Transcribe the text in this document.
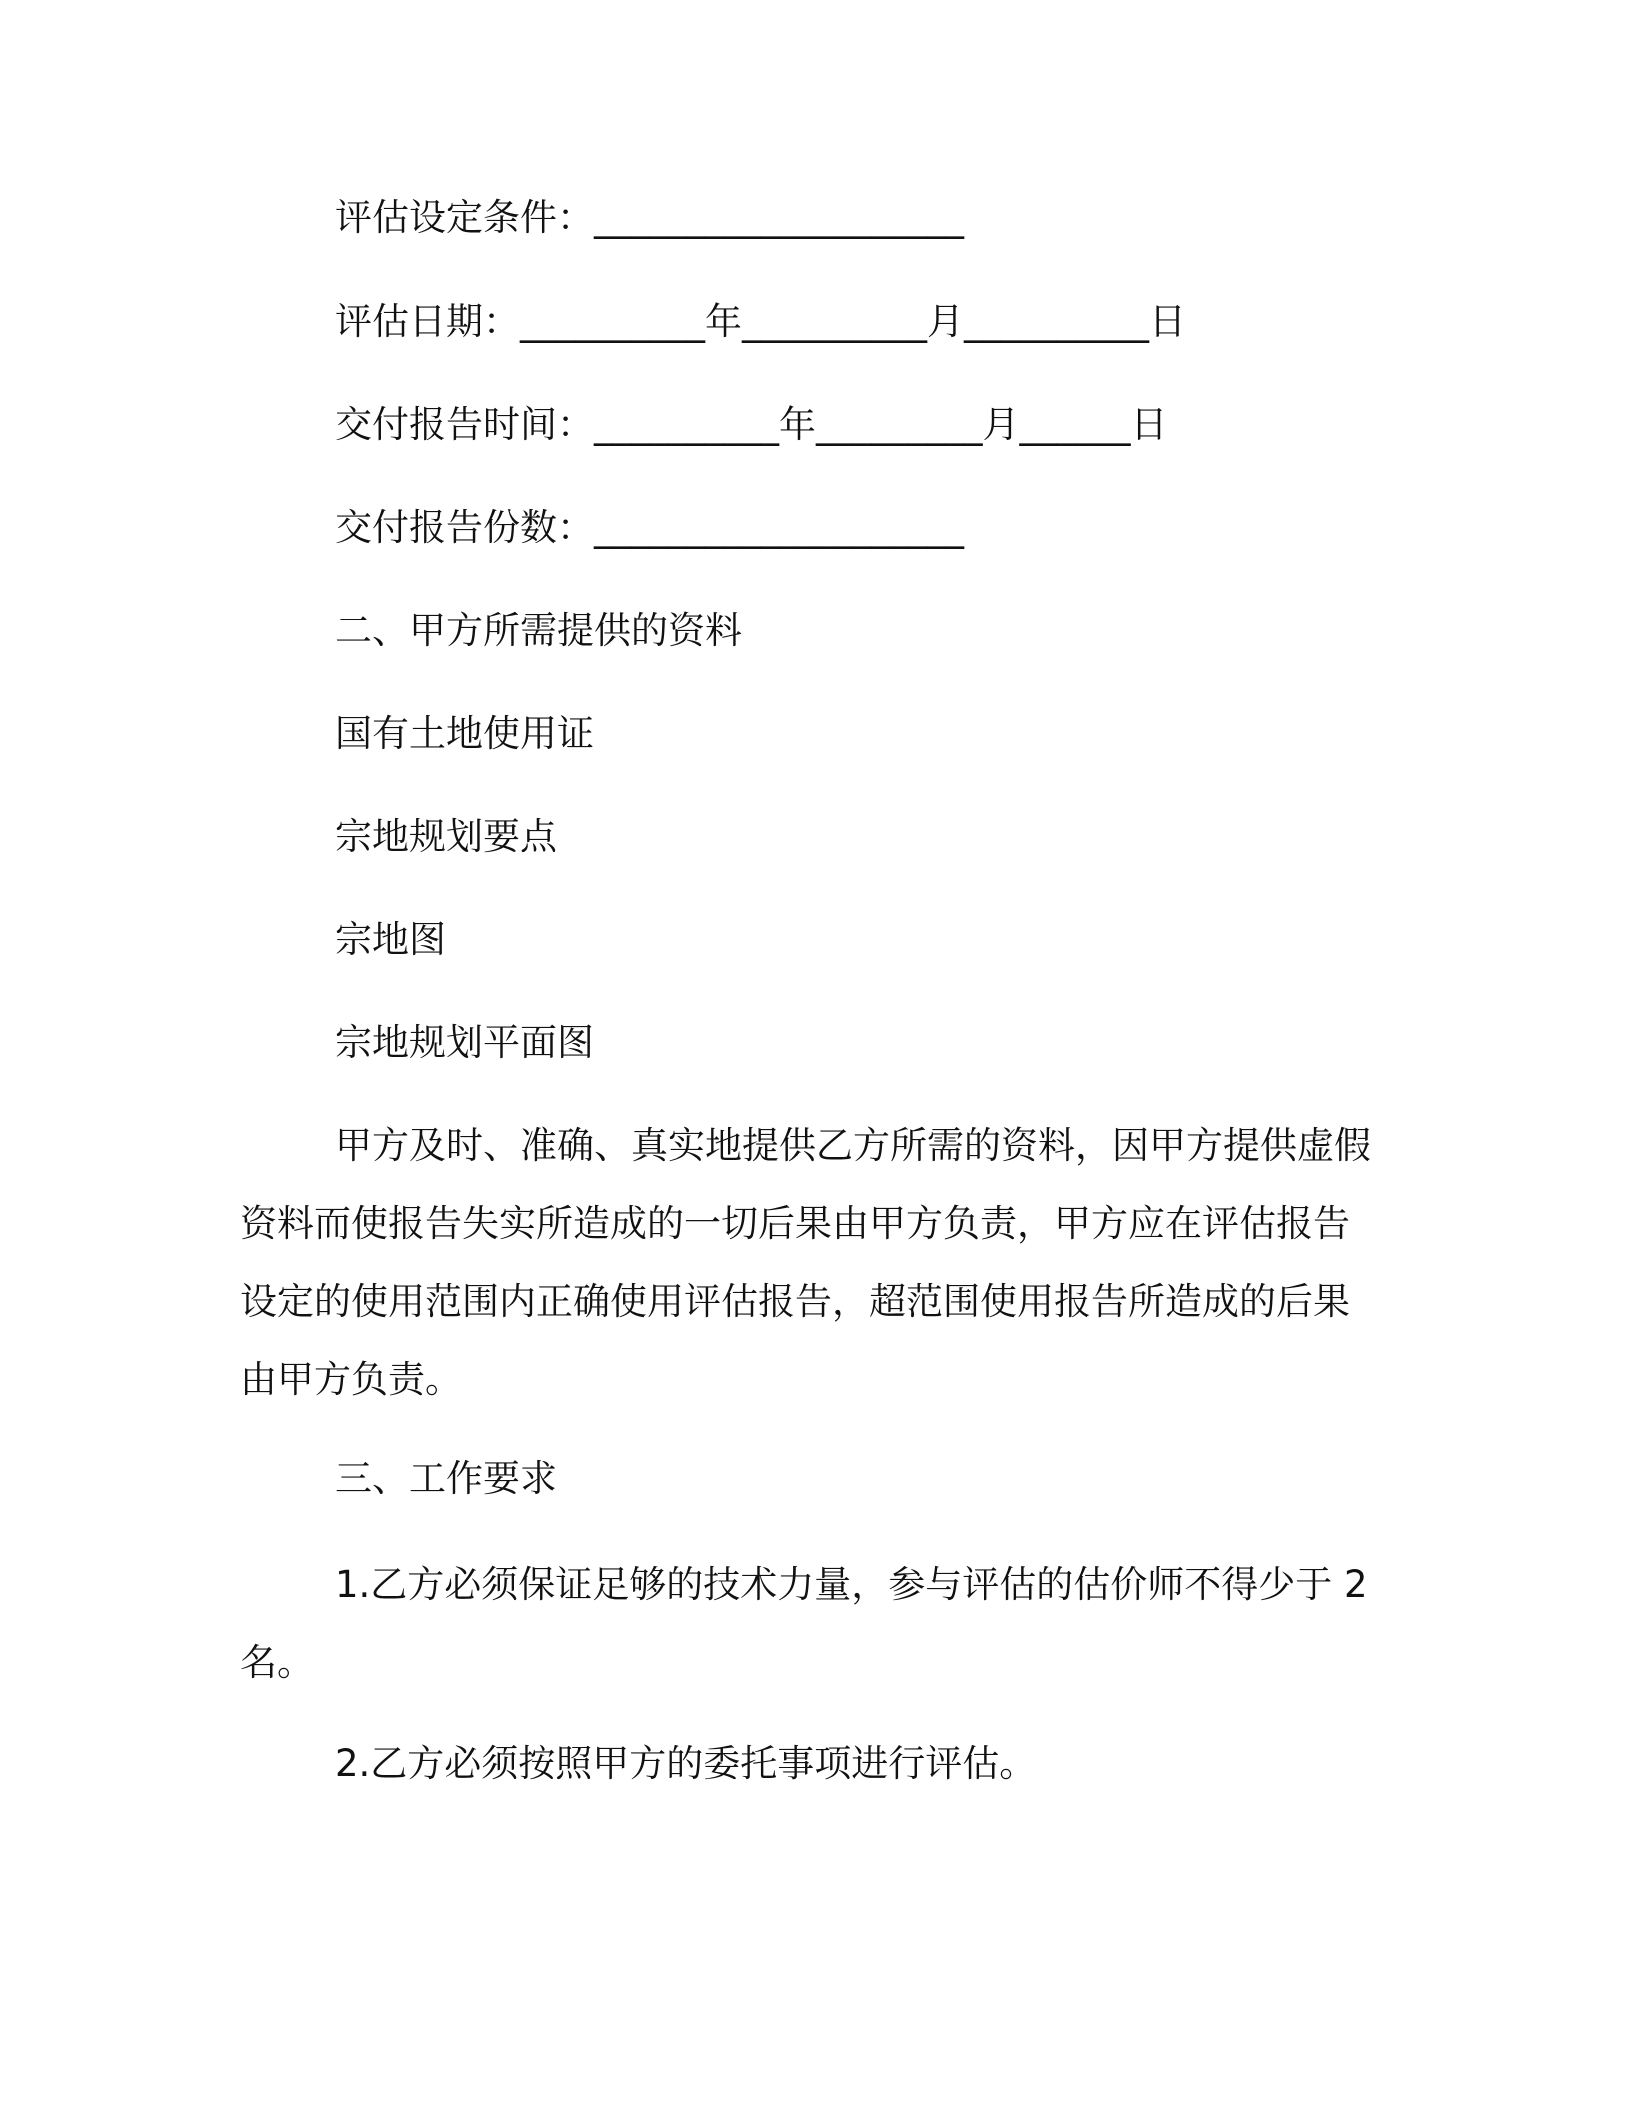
评估设定条件：____________________
评估日期：__________年__________月__________日
交付报告时间：__________年_________月______日
交付报告份数：____________________
二、甲方所需提供的资料
国有土地使用证
宗地规划要点
宗地图
宗地规划平面图
甲方及时、准确、真实地提供乙方所需的资料，因甲方提供虚假资料而使报告失实所造成的一切后果由甲方负责，甲方应在评估报告设定的使用范围内正确使用评估报告，超范围使用报告所造成的后果由甲方负责。
三、工作要求
1.乙方必须保证足够的技术力量，参与评估的估价师不得少于 2 名。
2.乙方必须按照甲方的委托事项进行评估。
